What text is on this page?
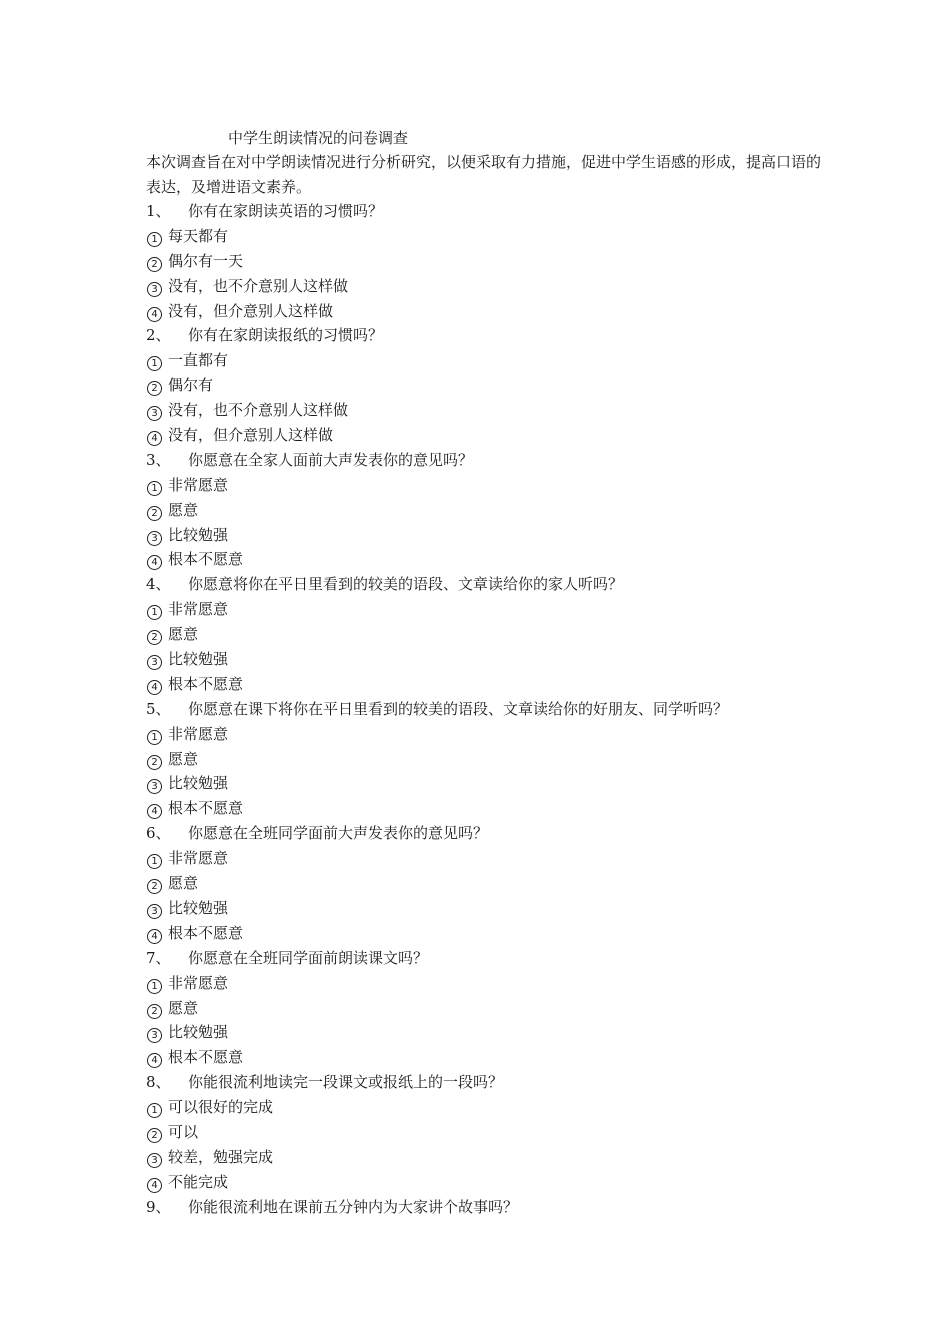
中学生朗读情况的问卷调查
本次调查旨在对中学朗读情况进行分析研究，以便采取有力措施，促进中学生语感的形成，提高口语的表达，及增进语文素养。
1、 你有在家朗读英语的习惯吗？
1 每天都有
2 偶尔有一天
3 没有，也不介意别人这样做
4 没有，但介意别人这样做
2、 你有在家朗读报纸的习惯吗？
1 一直都有
2 偶尔有
3 没有，也不介意别人这样做
4 没有，但介意别人这样做
3、 你愿意在全家人面前大声发表你的意见吗？
1 非常愿意
2 愿意
3 比较勉强
4 根本不愿意
4、 你愿意将你在平日里看到的较美的语段、文章读给你的家人听吗？
1 非常愿意
2 愿意
3 比较勉强
4 根本不愿意
5、 你愿意在课下将你在平日里看到的较美的语段、文章读给你的好朋友、同学听吗？
1 非常愿意
2 愿意
3 比较勉强
4 根本不愿意
6、 你愿意在全班同学面前大声发表你的意见吗？
1 非常愿意
2 愿意
3 比较勉强
4 根本不愿意
7、 你愿意在全班同学面前朗读课文吗？
1 非常愿意
2 愿意
3 比较勉强
4 根本不愿意
8、 你能很流利地读完一段课文或报纸上的一段吗？
1 可以很好的完成
2 可以
3 较差，勉强完成
4 不能完成
9、 你能很流利地在课前五分钟内为大家讲个故事吗？
